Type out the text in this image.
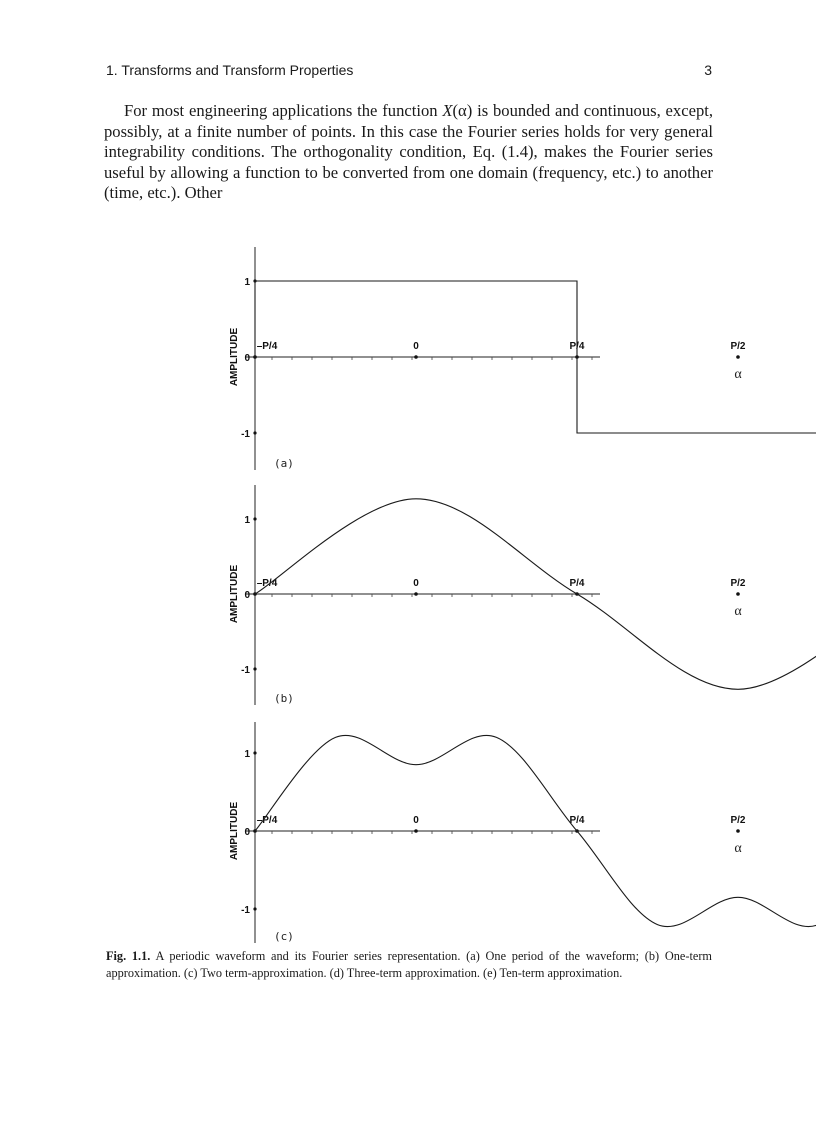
1. Transforms and Transform Properties	3

For most engineering applications the function X(α) is bounded and continuous, except, possibly, at a finite number of points. In this case the Fourier series holds for very general integrability conditions. The orthogonality condition, Eq. (1.4), makes the Fourier series useful by allowing a function to be converted from one domain (frequency, etc.) to another (time, etc.). Other

–P/4	0	P/4	P/2
1
0
-1
AMPLITUDE	α
(a)
–P/4	0	P/4	P/2
1
0
-1
AMPLITUDE	α
(b)
–P/4	0	P/4	P/2
1
0
-1
AMPLITUDE	α
(c)
Fig. 1.1. A periodic waveform and its Fourier series representation. (a) One period of the waveform; (b) One-term approximation. (c) Two term-approximation. (d) Three-term approximation. (e) Ten-term approximation.
